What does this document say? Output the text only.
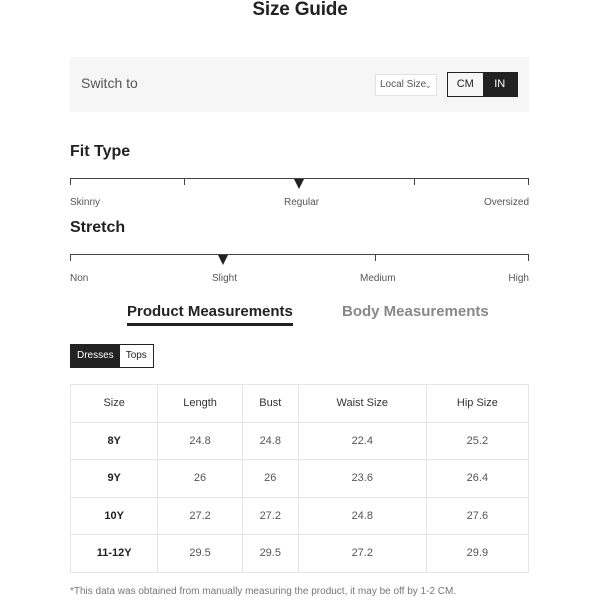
Size Guide
Switch to	Local Size
⌄	CM	IN
Fit Type
Skinny	Regular	Oversized
Stretch
Non	Slight	Medium	High
Product Measurements	Body Measurements
Dresses	Tops
Size	Length	Bust	Waist Size	Hip Size
8Y	24.8	24.8	22.4	25.2
9Y	26	26	23.6	26.4
10Y	27.2	27.2	24.8	27.6
11-12Y	29.5	29.5	27.2	29.9
*This data was obtained from manually measuring the product, it may be off by 1-2 CM.
